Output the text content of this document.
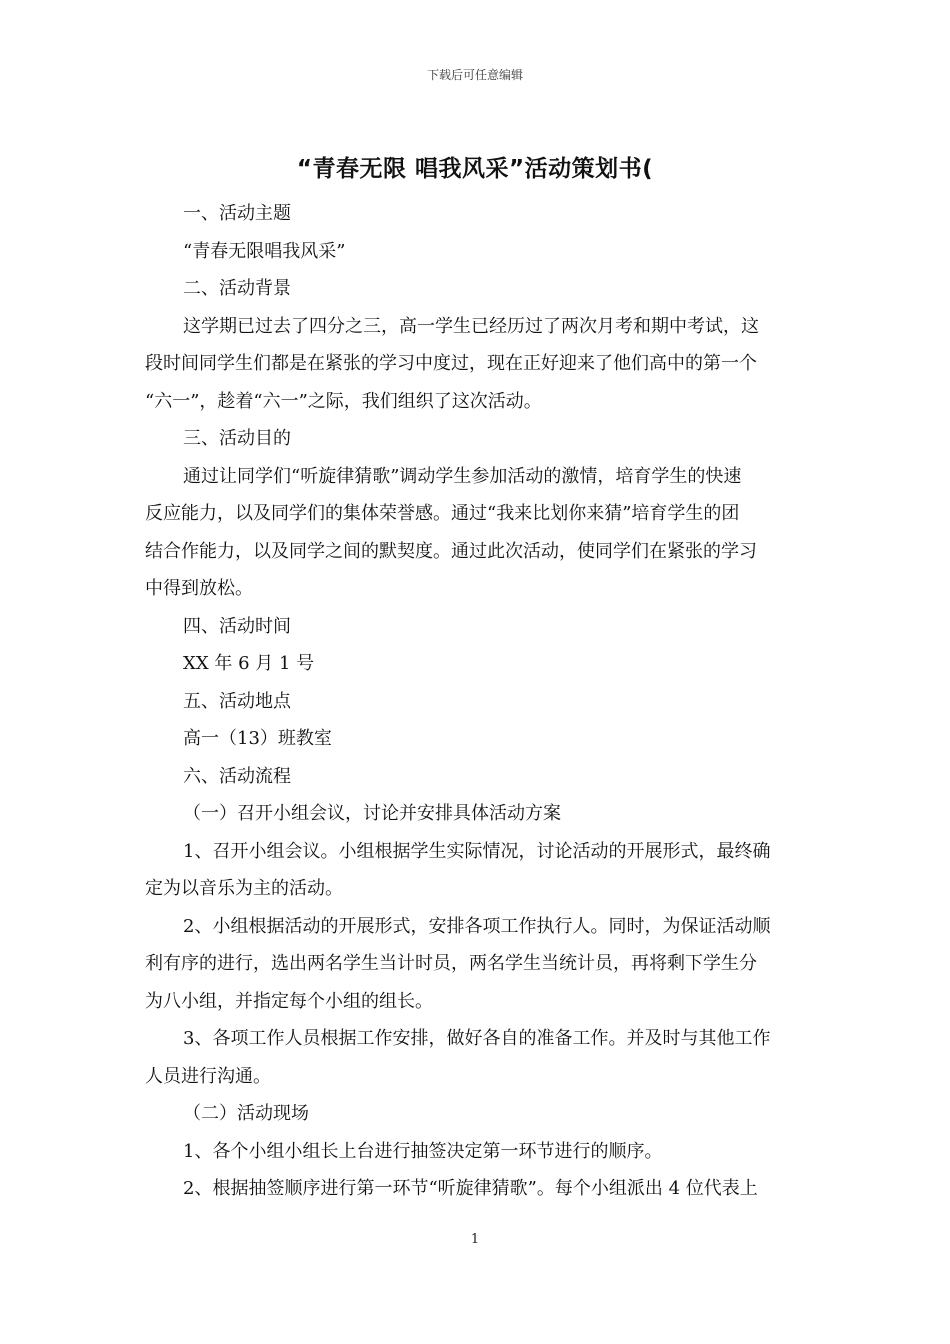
下载后可任意编辑
“青春无限 唱我风采”活动策划书(
一、活动主题
“青春无限唱我风采”
二、活动背景
这学期已过去了四分之三，高一学生已经历过了两次月考和期中考试，这
段时间同学生们都是在紧张的学习中度过，现在正好迎来了他们高中的第一个
“六一”，趁着“六一”之际，我们组织了这次活动。
三、活动目的
通过让同学们“听旋律猜歌”调动学生参加活动的激情，培育学生的快速
反应能力，以及同学们的集体荣誉感。通过“我来比划你来猜”培育学生的团
结合作能力，以及同学之间的默契度。通过此次活动，使同学们在紧张的学习
中得到放松。
四、活动时间
XX 年 6 月 1 号
五、活动地点
高一（13）班教室
六、活动流程
（一）召开小组会议，讨论并安排具体活动方案
1、召开小组会议。小组根据学生实际情况，讨论活动的开展形式，最终确
定为以音乐为主的活动。
2、小组根据活动的开展形式，安排各项工作执行人。同时，为保证活动顺
利有序的进行，选出两名学生当计时员，两名学生当统计员，再将剩下学生分
为八小组，并指定每个小组的组长。
3、各项工作人员根据工作安排，做好各自的准备工作。并及时与其他工作
人员进行沟通。
（二）活动现场
1、各个小组小组长上台进行抽签决定第一环节进行的顺序。
2、根据抽签顺序进行第一环节“听旋律猜歌”。每个小组派出 4 位代表上
1
